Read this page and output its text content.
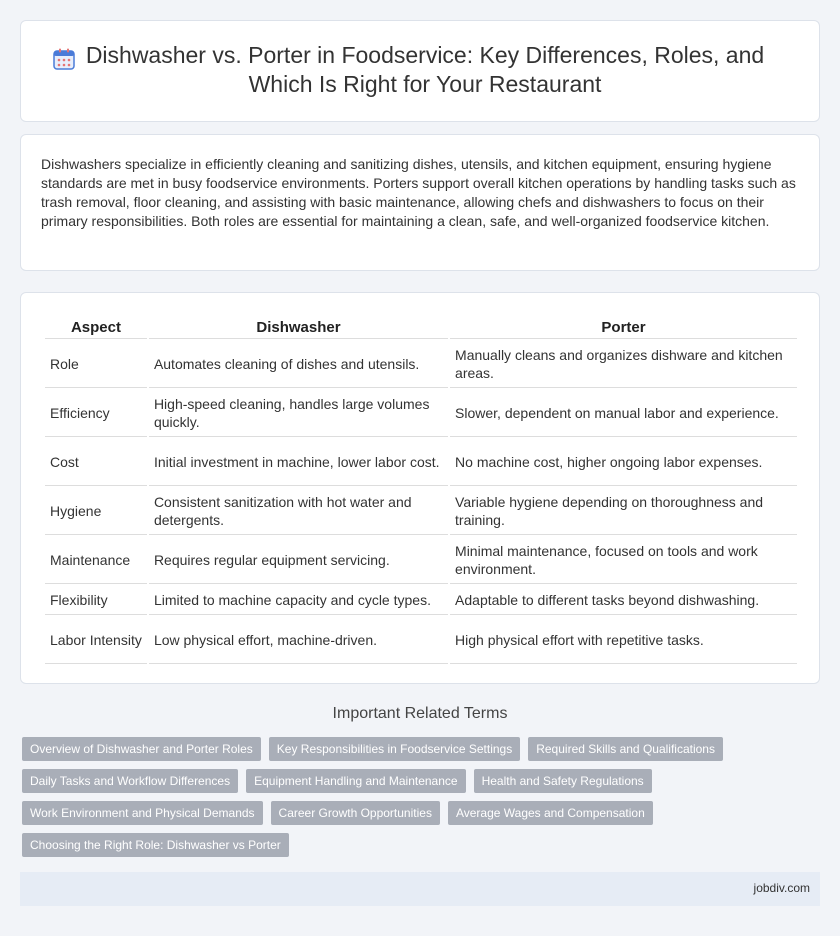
Dishwasher vs. Porter in Foodservice: Key Differences, Roles, and Which Is Right for Your Restaurant

Dishwashers specialize in efficiently cleaning and sanitizing dishes, utensils, and kitchen equipment, ensuring hygiene standards are met in busy foodservice environments. Porters support overall kitchen operations by handling tasks such as trash removal, floor cleaning, and assisting with basic maintenance, allowing chefs and dishwashers to focus on their primary responsibilities. Both roles are essential for maintaining a clean, safe, and well-organized foodservice kitchen.

Aspect	Dishwasher	Porter
Role	Automates cleaning of dishes and utensils.	Manually cleans and organizes dishware and kitchen areas.
Efficiency	High-speed cleaning, handles large volumes quickly.	Slower, dependent on manual labor and experience.
Cost	Initial investment in machine, lower labor cost.	No machine cost, higher ongoing labor expenses.
Hygiene	Consistent sanitization with hot water and detergents.	Variable hygiene depending on thoroughness and training.
Maintenance	Requires regular equipment servicing.	Minimal maintenance, focused on tools and work environment.
Flexibility	Limited to machine capacity and cycle types.	Adaptable to different tasks beyond dishwashing.
Labor Intensity	Low physical effort, machine-driven.	High physical effort with repetitive tasks.
Important Related Terms
Overview of Dishwasher and Porter Roles	Key Responsibilities in Foodservice Settings	Required Skills and Qualifications
Daily Tasks and Workflow Differences	Equipment Handling and Maintenance	Health and Safety Regulations
Work Environment and Physical Demands	Career Growth Opportunities	Average Wages and Compensation
Choosing the Right Role: Dishwasher vs Porter
jobdiv.com
